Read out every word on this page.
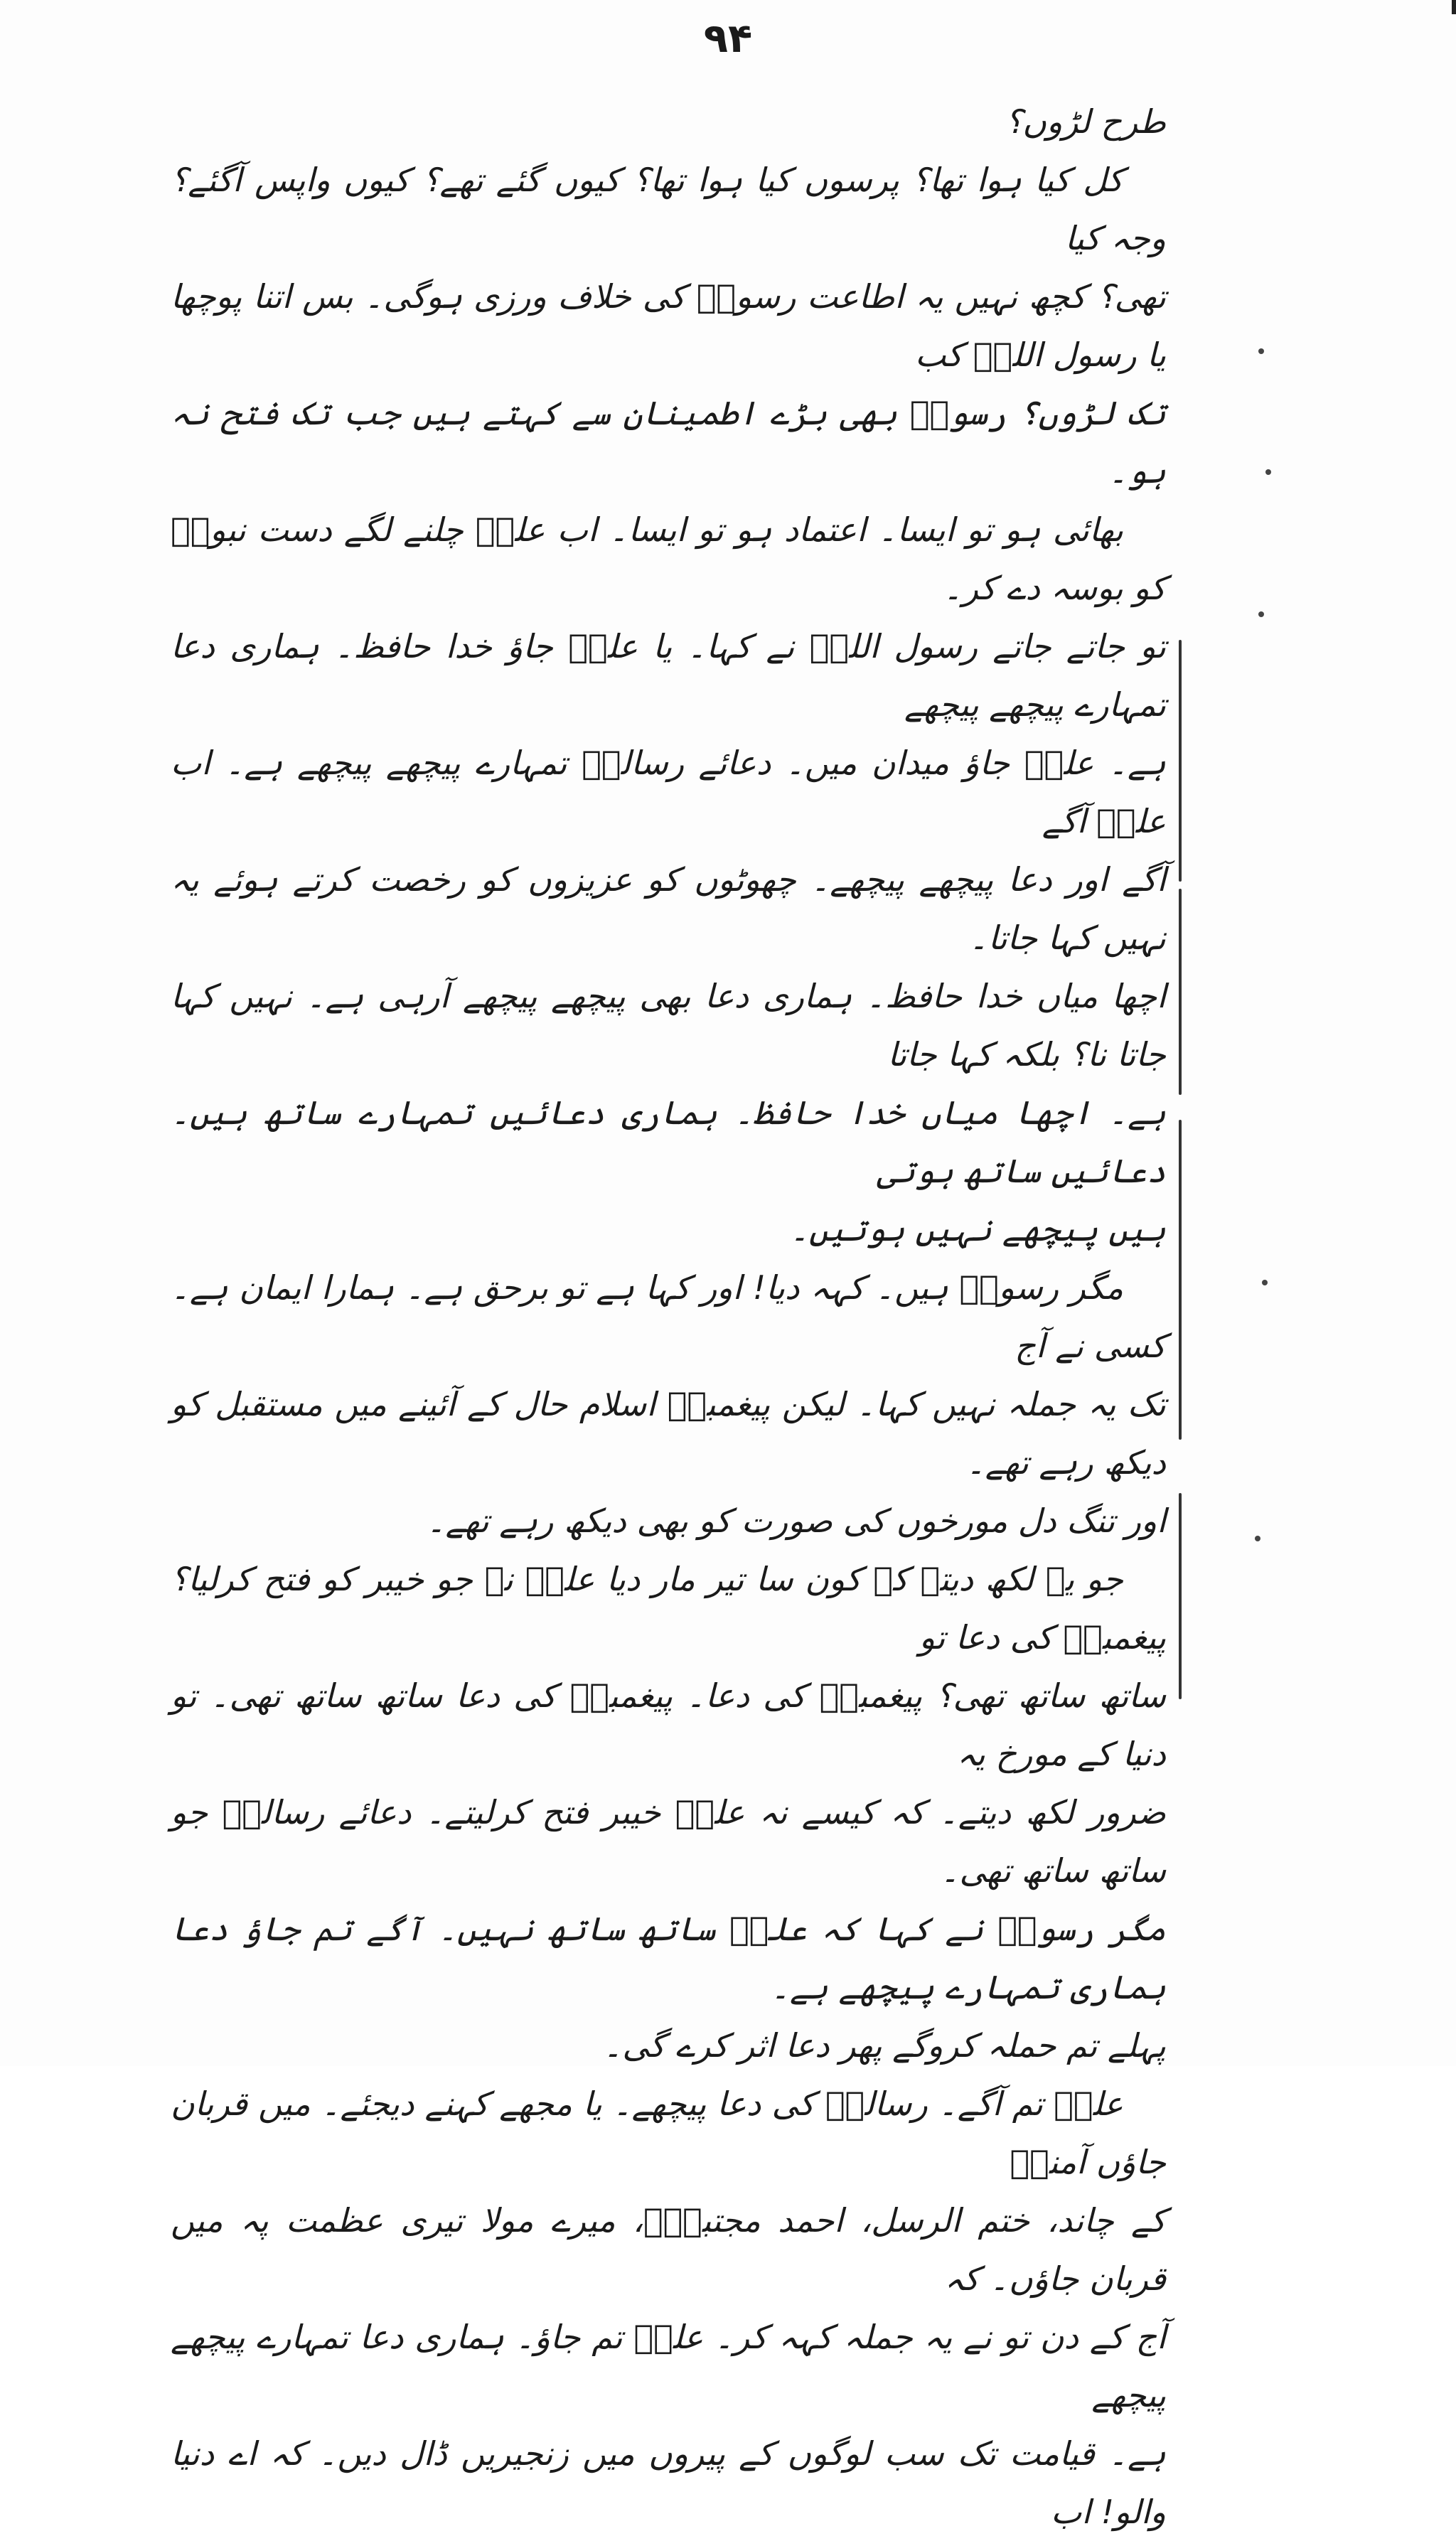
۹۴

طرح لڑوں؟

کل کیا ہوا تھا؟ پرسوں کیا ہوا تھا؟ کیوں گئے تھے؟ کیوں واپس آگئے؟ وجہ کیا

تھی؟ کچھ نہیں یہ اطاعت رسولؐ کی خلاف ورزی ہوگی۔ بس اتنا پوچھا یا رسول اللہؐ کب

تک لڑوں؟ رسولؐ بھی بڑے اطمینان سے کہتے ہیں جب تک فتح نہ ہو۔

بھائی ہو تو ایسا۔ اعتماد ہو تو ایسا۔ اب علیؑ چلنے لگے دست نبوتؐ کو بوسہ دے کر۔

تو جاتے جاتے رسول اللہؐ نے کہا۔ یا علیؑ جاؤ خدا حافظ۔ ہماری دعا تمہارے پیچھے پیچھے

ہے۔ علیؑ جاؤ میدان میں۔ دعائے رسالتؐ تمہارے پیچھے پیچھے ہے۔ اب علیؑ آگے

آگے اور دعا پیچھے پیچھے۔ چھوٹوں کو عزیزوں کو رخصت کرتے ہوئے یہ نہیں کہا جاتا۔

اچھا میاں خدا حافظ۔ ہماری دعا بھی پیچھے پیچھے آرہی ہے۔ نہیں کہا جاتا نا؟ بلکہ کہا جاتا

ہے۔ اچھا میاں خدا حافظ۔ ہماری دعائیں تمہارے ساتھ ہیں۔ دعائیں ساتھ ہوتی

ہیں پیچھے نہیں ہوتیں۔

مگر رسولؐ ہیں۔ کہہ دیا! اور کہا ہے تو برحق ہے۔ ہمارا ایمان ہے۔ کسی نے آج

تک یہ جملہ نہیں کہا۔ لیکن پیغمبرؐ اسلام حال کے آئینے میں مستقبل کو دیکھ رہے تھے۔

اور تنگ دل مورخوں کی صورت کو بھی دیکھ رہے تھے۔

جو یہ لکھ دیتے کہ کون سا تیر مار دیا علیؑ نے جو خیبر کو فتح کرلیا؟ پیغمبرؐ کی دعا تو

ساتھ ساتھ تھی؟ پیغمبرؐ کی دعا۔ پیغمبرؐ کی دعا ساتھ ساتھ تھی۔ تو دنیا کے مورخ یہ

ضرور لکھ دیتے۔ کہ کیسے نہ علیؑ خیبر فتح کرلیتے۔ دعائے رسالتؐ جو ساتھ ساتھ تھی۔

مگر رسولؐ نے کہا کہ علیؑ ساتھ ساتھ نہیں۔ آگے تم جاؤ دعا ہماری تمہارے پیچھے ہے۔

پہلے تم حملہ کروگے پھر دعا اثر کرے گی۔

علیؑ تم آگے۔ رسالتؐ کی دعا پیچھے۔ یا مجھے کہنے دیجئے۔ میں قربان جاؤں آمنہؑ

کے چاند، ختم الرسل، احمد مجتبیٰؐ، میرے مولا تیری عظمت پہ میں قربان جاؤں۔ کہ

آج کے دن تو نے یہ جملہ کہہ کر۔ علیؑ تم جاؤ۔ ہماری دعا تمہارے پیچھے پیچھے

ہے۔ قیامت تک سب لوگوں کے پیروں میں زنجیریں ڈال دیں۔ کہ اے دنیا والو! اب
